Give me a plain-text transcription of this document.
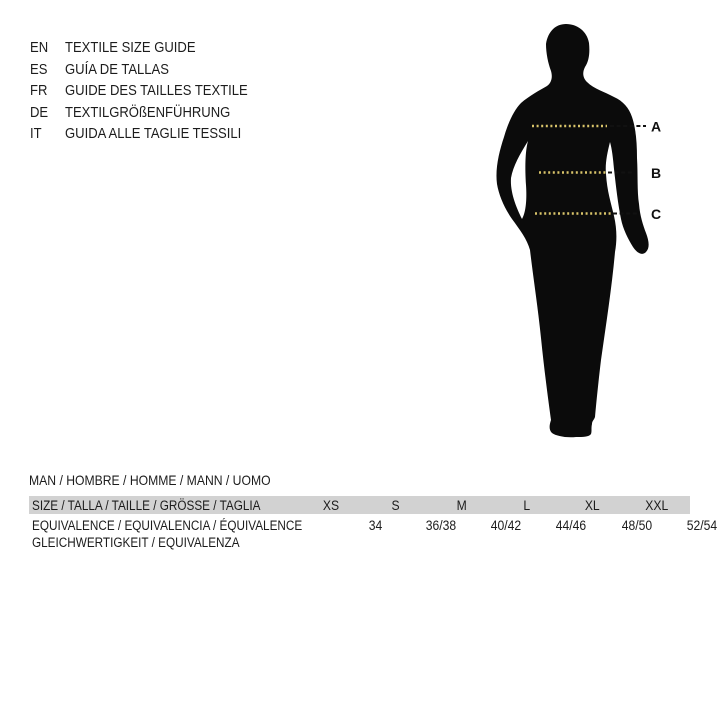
EN	TEXTILE SIZE GUIDE
ES	GUÍA DE TALLAS
FR	GUIDE DES TAILLES TEXTILE
DE	TEXTILGRÖßENFÜHRUNG
IT	GUIDA ALLE TAGLIE TESSILI	A
B
C
MAN / HOMBRE / HOMME / MANN / UOMO
SIZE / TALLA / TAILLE / GRÖSSE / TAGLIA	XS	S	M	L	XL	XXL
EQUIVALENCE / EQUIVALENCIA / ÉQUIVALENCE	34	36/38	40/42	44/46	48/50	52/54
GLEICHWERTIGKEIT / EQUIVALENZA
